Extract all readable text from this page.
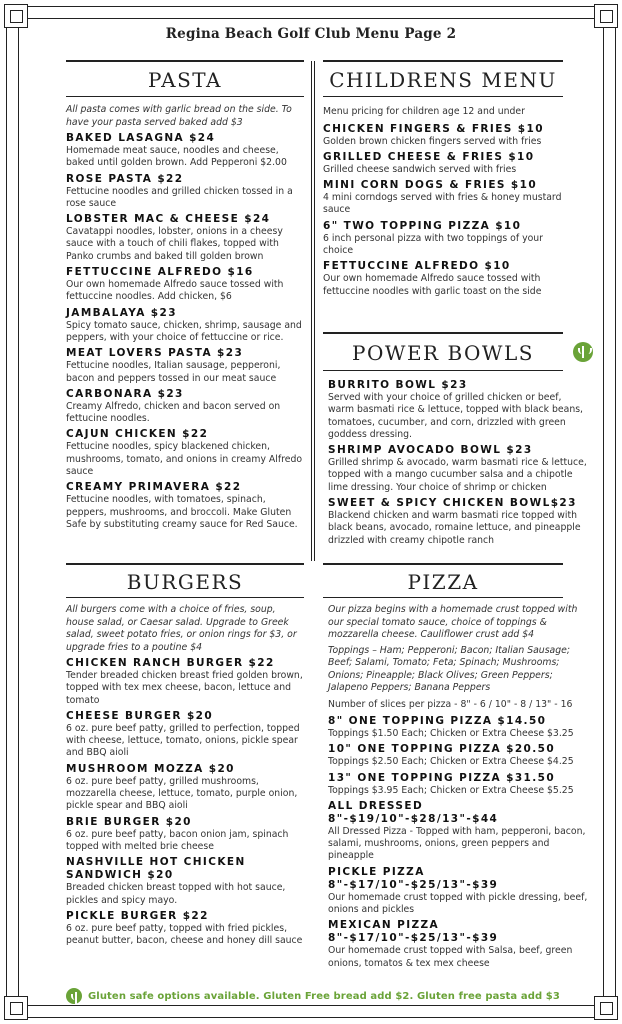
Regina Beach Golf Club Menu Page 2
PASTA
All pasta comes with garlic bread on the side. To have your pasta served baked add $3
BAKED LASAGNA $24
Homemade meat sauce, noodles and cheese, baked until golden brown. Add Pepperoni $2.00
ROSE PASTA $22
Fettucine noodles and grilled chicken tossed in a rose sauce
LOBSTER MAC & CHEESE $24
Cavatappi noodles, lobster, onions in a cheesy sauce with a touch of chili flakes, topped with Panko crumbs and baked till golden brown
FETTUCCINE ALFREDO $16
Our own homemade Alfredo sauce tossed with fettuccine noodles. Add chicken, $6
JAMBALAYA $23
Spicy tomato sauce, chicken, shrimp, sausage and peppers, with your choice of fettuccine or rice.
MEAT LOVERS PASTA $23
Fettucine noodles, Italian sausage, pepperoni, bacon and peppers tossed in our meat sauce
CARBONARA $23
Creamy Alfredo, chicken and bacon served on fettucine noodles.
CAJUN CHICKEN $22
Fettucine noodles, spicy blackened chicken, mushrooms, tomato, and onions in creamy Alfredo sauce
CREAMY PRIMAVERA $22
Fettucine noodles, with tomatoes, spinach, peppers, mushrooms, and broccoli. Make Gluten Safe by substituting creamy sauce for Red Sauce.
CHILDRENS MENU
Menu pricing for children age 12 and under
CHICKEN FINGERS & FRIES $10
Golden brown chicken fingers served with fries
GRILLED CHEESE & FRIES $10
Grilled cheese sandwich served with fries
MINI CORN DOGS & FRIES $10
4 mini corndogs served with fries & honey mustard sauce
6" TWO TOPPING PIZZA $10
6 inch personal pizza with two toppings of your choice
FETTUCCINE ALFREDO $10
Our own homemade Alfredo sauce tossed with fettuccine noodles with garlic toast on the side
POWER BOWLS
BURRITO BOWL $23
Served with your choice of grilled chicken or beef, warm basmati rice & lettuce, topped with black beans, tomatoes, cucumber, and corn, drizzled with green goddess dressing.
SHRIMP AVOCADO BOWL $23
Grilled shrimp & avocado, warm basmati rice & lettuce, topped with a mango cucumber salsa and a chipotle lime dressing. Your choice of shrimp or chicken
SWEET & SPICY CHICKEN BOWL$23
Blackend chicken and warm basmati rice topped with black beans, avocado, romaine lettuce, and pineapple drizzled with creamy chipotle ranch
BURGERS
All burgers come with a choice of fries, soup, house salad, or Caesar salad. Upgrade to Greek salad, sweet potato fries, or onion rings for $3, or upgrade fries to a poutine $4
CHICKEN RANCH BURGER $22
Tender breaded chicken breast fried golden brown, topped with tex mex cheese, bacon, lettuce and tomato
CHEESE BURGER $20
6 oz. pure beef patty, grilled to perfection, topped with cheese, lettuce, tomato, onions, pickle spear and BBQ aioli
MUSHROOM MOZZA $20
6 oz. pure beef patty, grilled mushrooms, mozzarella cheese, lettuce, tomato, purple onion, pickle spear and BBQ aioli
BRIE BURGER $20
6 oz. pure beef patty, bacon onion jam, spinach topped with melted brie cheese
NASHVILLE HOT CHICKEN SANDWICH $20
Breaded chicken breast topped with hot sauce, pickles and spicy mayo.
PICKLE BURGER $22
6 oz. pure beef patty, topped with fried pickles, peanut butter, bacon, cheese and honey dill sauce
PIZZA
Our pizza begins with a homemade crust topped with our special tomato sauce, choice of toppings & mozzarella cheese. Cauliflower crust add $4
Toppings – Ham; Pepperoni; Bacon; Italian Sausage; Beef; Salami, Tomato; Feta; Spinach; Mushrooms; Onions; Pineapple; Black Olives; Green Peppers; Jalapeno Peppers; Banana Peppers
Number of slices per pizza - 8" - 6 / 10" - 8 / 13" - 16
8" ONE TOPPING PIZZA $14.50
Toppings $1.50 Each; Chicken or Extra Cheese $3.25
10" ONE TOPPING PIZZA $20.50
Toppings $2.50 Each; Chicken or Extra Cheese $4.25
13" ONE TOPPING PIZZA $31.50
Toppings $3.95 Each; Chicken or Extra Cheese $5.25
ALL DRESSED 8"-$19/10"-$28/13"-$44
All Dressed Pizza - Topped with ham, pepperoni, bacon, salami, mushrooms, onions, green peppers and pineapple
PICKLE PIZZA 8"-$17/10"-$25/13"-$39
Our homemade crust topped with pickle dressing, beef, onions and pickles
MEXICAN PIZZA 8"-$17/10"-$25/13"-$39
Our homemade crust topped with Salsa, beef, green onions, tomatos & tex mex cheese
Gluten safe options available. Gluten Free bread add $2. Gluten free pasta add $3
